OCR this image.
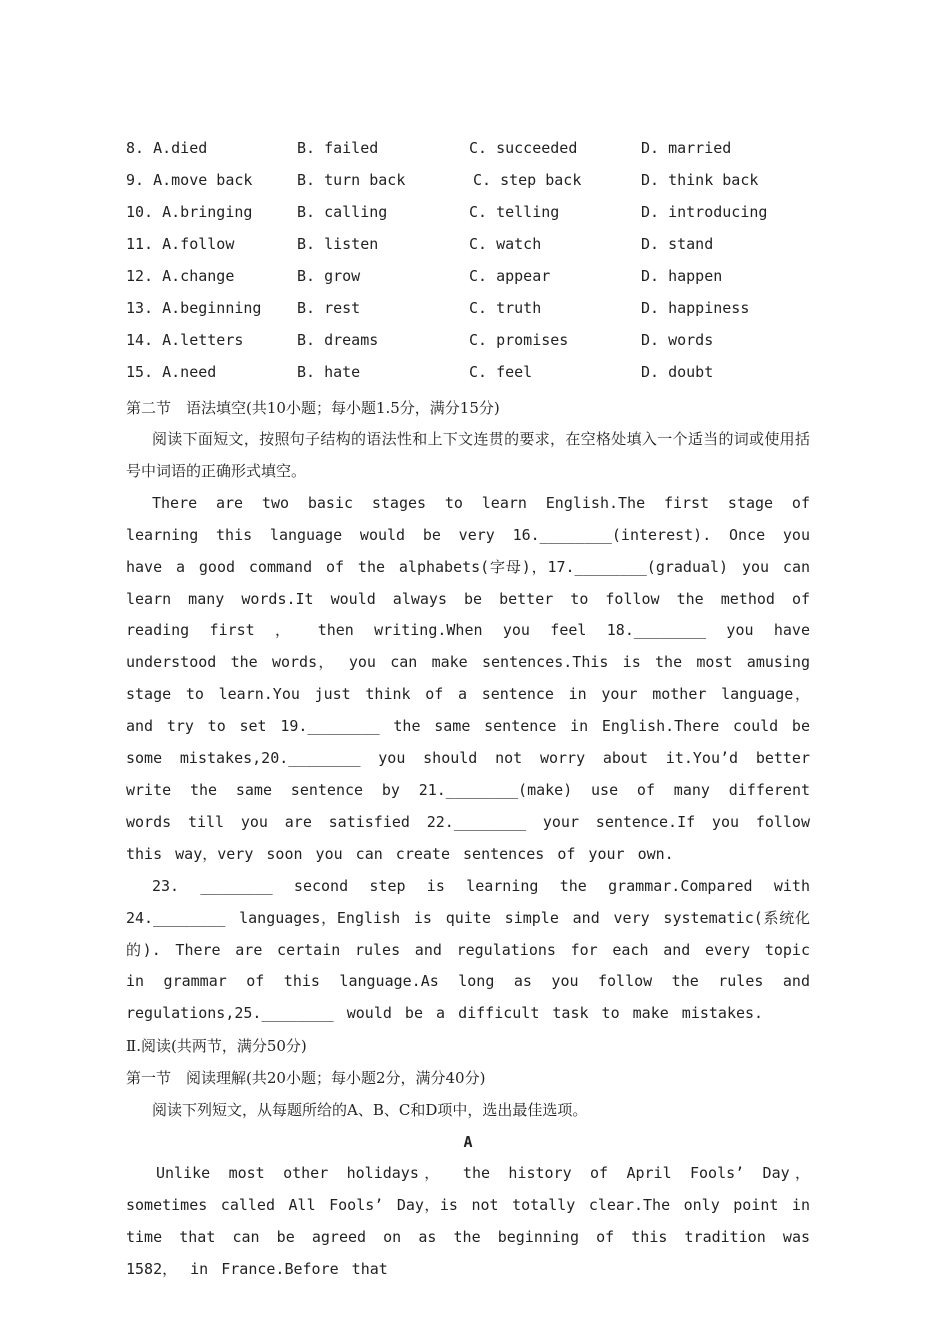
8. A.died	B. failed	C. succeeded	D. married
9. A.move back	B. turn back	C. step back	D. think back
10. A.bringing	B. calling	C. telling	D. introducing
11. A.follow	B. listen	C. watch	D. stand
12. A.change	B. grow	C. appear	D. happen
13. A.beginning B. rest	C. truth	D. happiness
14. A.letters	B. dreams	C. promises	D. words
15. A.need	B. hate	C. feel	D. doubt
第二节　语法填空(共10小题；每小题1.5分，满分15分)

阅读下面短文，按照句子结构的语法性和上下文连贯的要求，在空格处填入一个适当的词或使用括号中词语的正确形式填空。

There are two basic stages to learn English.The first stage of learning this language would be very 16.________(interest). Once you have a good command of the alphabets(字母)，17.________(gradual) you can learn many words.It would always be better to follow the method of reading first ， then writing.When you feel 18.________ you have understood the words， you can make sentences.This is the most amusing stage to learn.You just think of a sentence in your mother language，and try to set 19.________ the same sentence in English.There could be some mistakes,20.________ you should not worry about it.You’d better write the same sentence by 21.________(make) use of many different words till you are satisfied 22.________ your sentence.If you follow this way，very soon you can create sentences of your own.

23. ________ second step is learning the grammar.Compared with 24.________ languages，English is quite simple and very systematic(系统化的). There are certain rules and regulations for each and every topic in grammar of this language.As long as you follow the rules and regulations,25.________ would be a difficult task to make mistakes.

Ⅱ.阅读(共两节，满分50分)
第一节　阅读理解(共20小题；每小题2分，满分40分)
阅读下列短文，从每题所给的A、B、C和D项中，选出最佳选项。
A

Unlike most other holidays， the history of April Fools’ Day， sometimes called All Fools’ Day，is not totally clear.The only point in time that can be agreed on as the beginning of this tradition was 1582， in France.Before that
